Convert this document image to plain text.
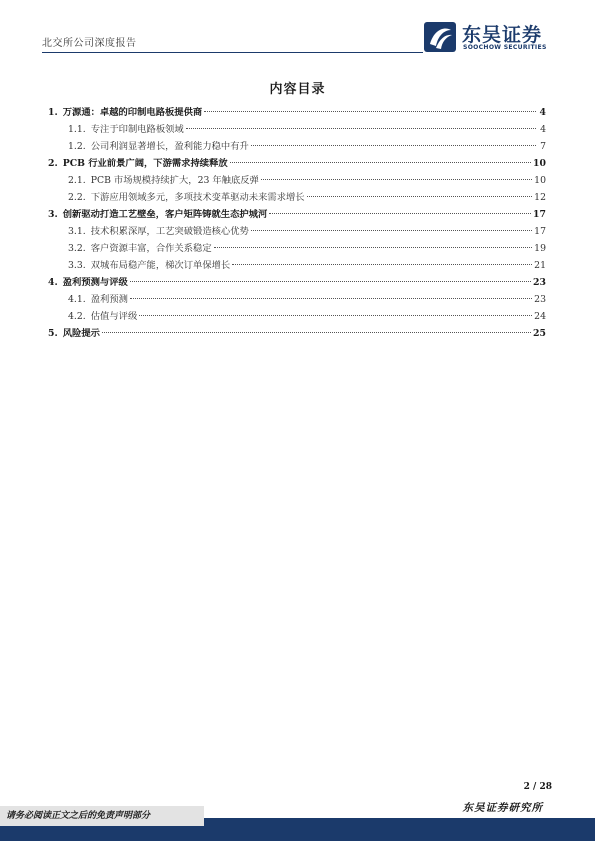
北交所公司深度报告	东吴证券
SOOCHOW SECURITIES
内容目录
1. 万源通：卓越的印制电路板提供商	4
1.1. 专注于印制电路板领域	4
1.2. 公司利润显著增长，盈利能力稳中有升	7
2. PCB 行业前景广阔，下游需求持续释放	10
2.1. PCB 市场规模持续扩大，23 年触底反弹	10
2.2. 下游应用领域多元，多项技术变革驱动未来需求增长	12
3. 创新驱动打造工艺壁垒，客户矩阵铸就生态护城河	17
3.1. 技术积累深厚，工艺突破锻造核心优势	17
3.2. 客户资源丰富，合作关系稳定	19
3.3. 双城布局稳产能，梯次订单保增长	21
4. 盈利预测与评级	23
4.1. 盈利预测	23
4.2. 估值与评级	24
5. 风险提示	25
2 / 28
东吴证券研究所
请务必阅读正文之后的免责声明部分
